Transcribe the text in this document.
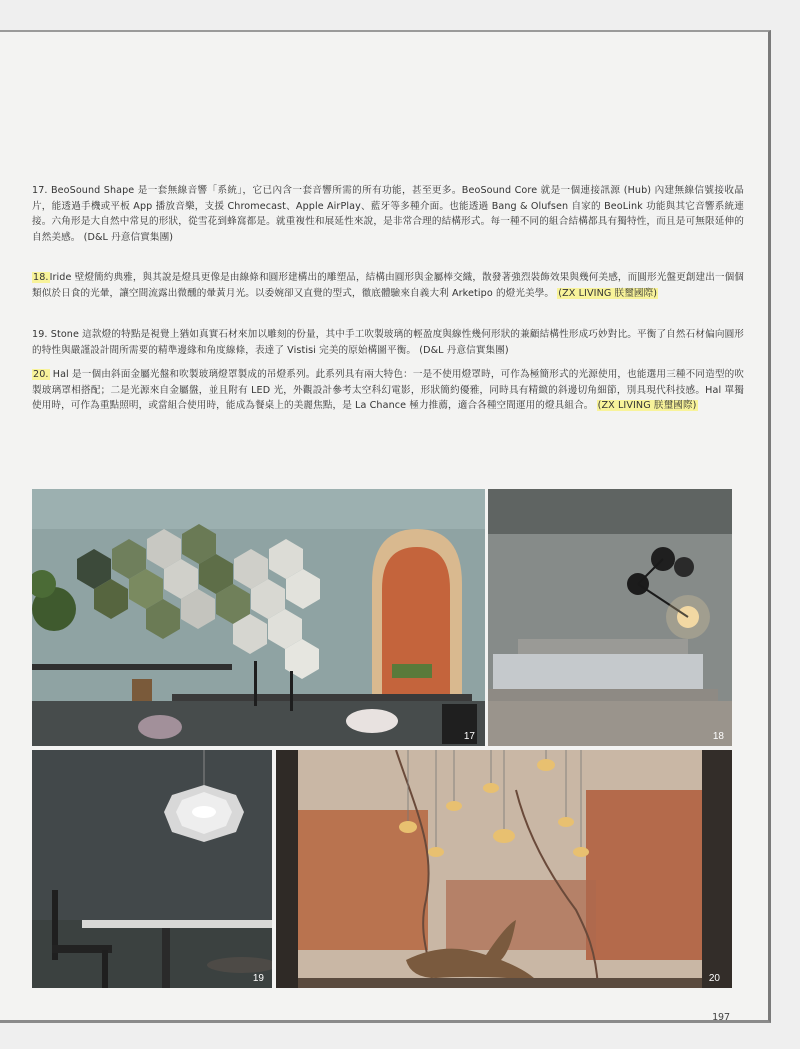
17. BeoSound Shape 是一套無線音響「系統」，它已內含一套音響所需的所有功能，甚至更多。BeoSound Core 就是一個連接訊源 (Hub) 內建無線信號接收晶片，能透過手機或平板 App 播放音樂，支援 Chromecast、Apple AirPlay、藍牙等多種介面。也能透過 Bang & Olufsen 自家的 BeoLink 功能與其它音響系統連接。六角形是大自然中常見的形狀，從雪花到蜂窩都是。就重複性和展延性來說，是非常合理的結構形式。每一種不同的組合結構都具有獨特性，而且是可無限延伸的自然美感。 (D&L 丹意信實集團)

18.Iride 壁燈簡約典雅，與其說是燈具更像是由線條和圓形建構出的雕塑品，結構由圓形與金屬棒交織，散發著強烈裝飾效果與幾何美感，而圓形光盤更創建出一個個類似於日食的光暈，讓空間流露出微醺的暈黃月光。以委婉卻又直覺的型式，徹底體驗來自義大利 Arketipo 的燈光美學。 (ZX LIVING 朕璽國際)

19. Stone 這款燈的特點是視覺上猶如真實石材來加以雕刻的份量，其中手工吹製玻璃的輕盈度與線性幾何形狀的兼顧結構性形成巧妙對比。平衡了自然石材偏向圓形的特性與嚴謹設計間所需要的精準邊緣和角度線條，表達了 Vistisi 完美的原始構圖平衡。 (D&L 丹意信實集團)

20. Hal 是一個由斜面金屬光盤和吹製玻璃燈罩製成的吊燈系列。此系列具有兩大特色：一是不使用燈罩時，可作為極簡形式的光源使用，也能選用三種不同造型的吹製玻璃罩相搭配；二是光源來自金屬盤，並且附有 LED 光，外觀設計參考太空科幻電影，形狀簡約優雅，同時具有精緻的斜邊切角細節，別具現代科技感。Hal 單獨使用時，可作為重點照明，或當組合使用時，能成為餐桌上的美麗焦點，是 La Chance 極力推薦，適合各種空間運用的燈具組合。 (ZX LIVING 朕璽國際)

17	18
19	20
197
